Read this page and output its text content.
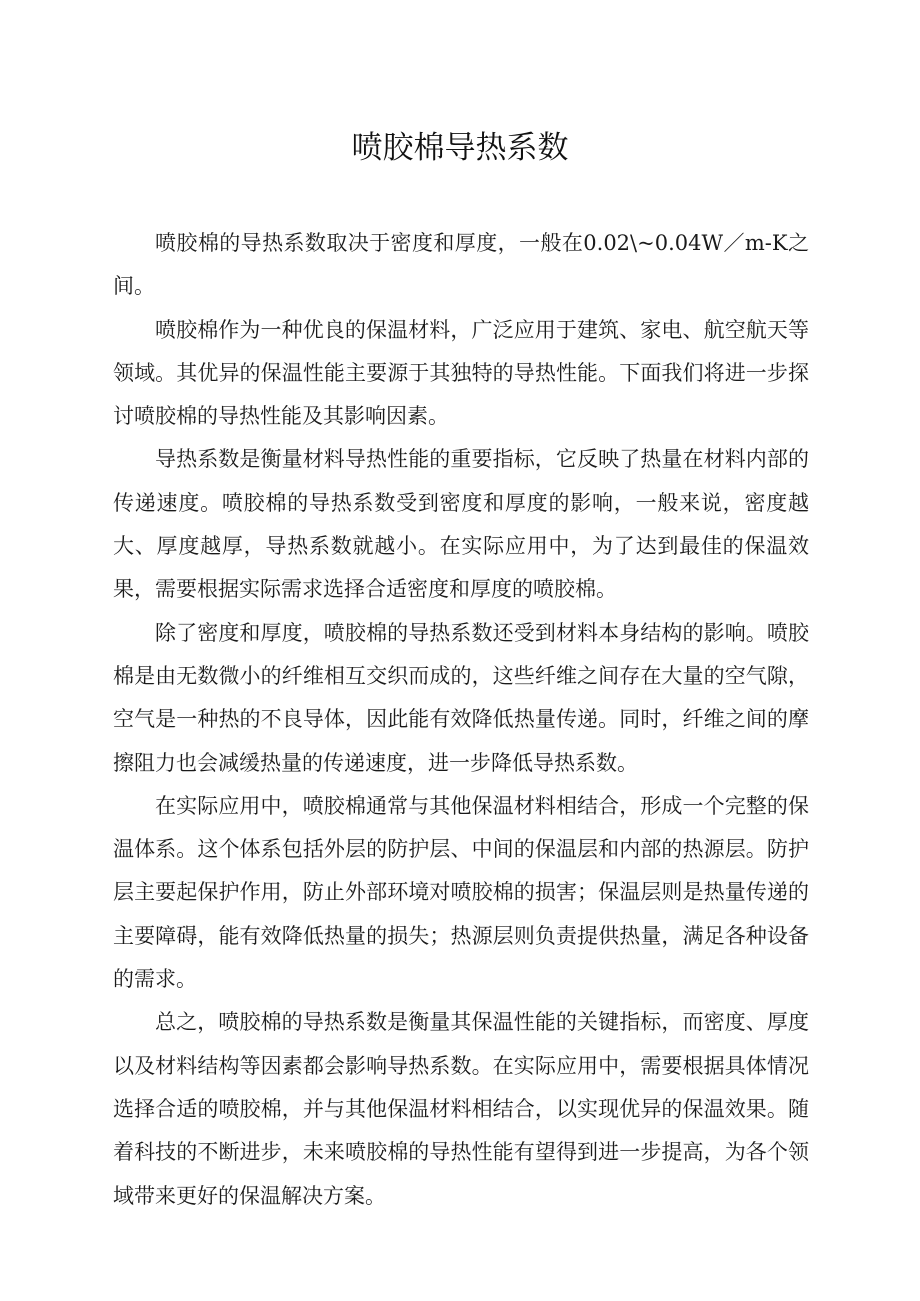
喷胶棉导热系数

喷胶棉的导热系数取决于密度和厚度，一般在0.02\~0.04W／m-K之间。

喷胶棉作为一种优良的保温材料，广泛应用于建筑、家电、航空航天等领域。其优异的保温性能主要源于其独特的导热性能。下面我们将进一步探讨喷胶棉的导热性能及其影响因素。

导热系数是衡量材料导热性能的重要指标，它反映了热量在材料内部的传递速度。喷胶棉的导热系数受到密度和厚度的影响，一般来说，密度越大、厚度越厚，导热系数就越小。在实际应用中，为了达到最佳的保温效果，需要根据实际需求选择合适密度和厚度的喷胶棉。

除了密度和厚度，喷胶棉的导热系数还受到材料本身结构的影响。喷胶棉是由无数微小的纤维相互交织而成的，这些纤维之间存在大量的空气隙，空气是一种热的不良导体，因此能有效降低热量传递。同时，纤维之间的摩擦阻力也会减缓热量的传递速度，进一步降低导热系数。

在实际应用中，喷胶棉通常与其他保温材料相结合，形成一个完整的保温体系。这个体系包括外层的防护层、中间的保温层和内部的热源层。防护层主要起保护作用，防止外部环境对喷胶棉的损害；保温层则是热量传递的主要障碍，能有效降低热量的损失；热源层则负责提供热量，满足各种设备的需求。

总之，喷胶棉的导热系数是衡量其保温性能的关键指标，而密度、厚度以及材料结构等因素都会影响导热系数。在实际应用中，需要根据具体情况选择合适的喷胶棉，并与其他保温材料相结合，以实现优异的保温效果。随着科技的不断进步，未来喷胶棉的导热性能有望得到进一步提高，为各个领域带来更好的保温解决方案。
